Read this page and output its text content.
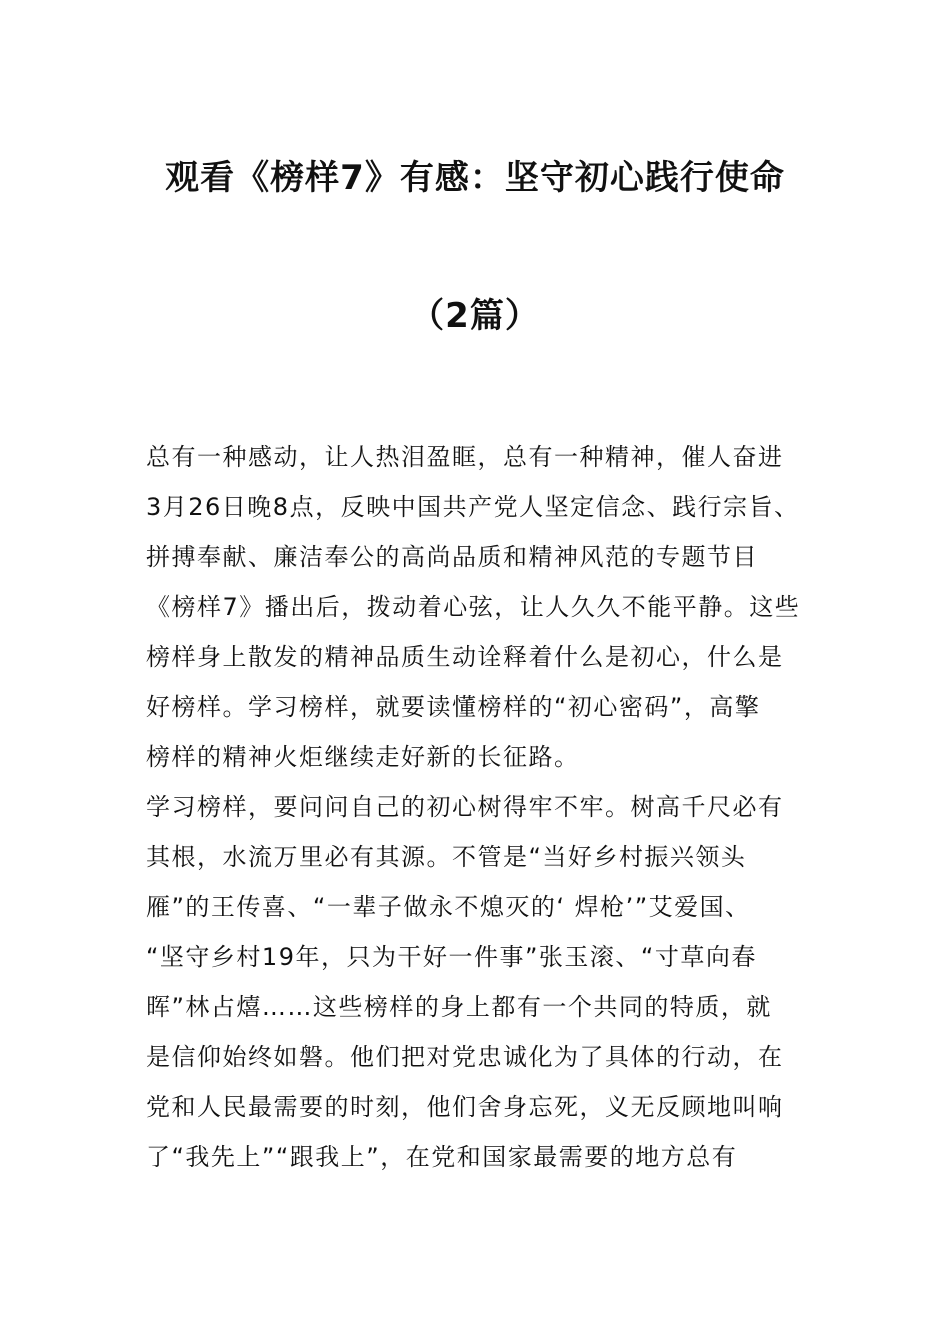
观看《榜样7》有感：坚守初心践行使命
（2篇）
总有一种感动，让人热泪盈眶，总有一种精神，催人奋进
3月26日晚8点，反映中国共产党人坚定信念、践行宗旨、
拼搏奉献、廉洁奉公的高尚品质和精神风范的专题节目
《榜样7》播出后，拨动着心弦，让人久久不能平静。这些
榜样身上散发的精神品质生动诠释着什么是初心，什么是
好榜样。学习榜样，就要读懂榜样的“初心密码”，高擎
榜样的精神火炬继续走好新的长征路。
学习榜样，要问问自己的初心树得牢不牢。树高千尺必有
其根，水流万里必有其源。不管是“当好乡村振兴领头
雁”的王传喜、“一辈子做永不熄灭的‘ 焊枪’”艾爱国、
“坚守乡村19年，只为干好一件事”张玉滚、“寸草向春
晖”林占熺……这些榜样的身上都有一个共同的特质，就
是信仰始终如磐。他们把对党忠诚化为了具体的行动，在
党和人民最需要的时刻，他们舍身忘死，义无反顾地叫响
了“我先上”“跟我上”，在党和国家最需要的地方总有
